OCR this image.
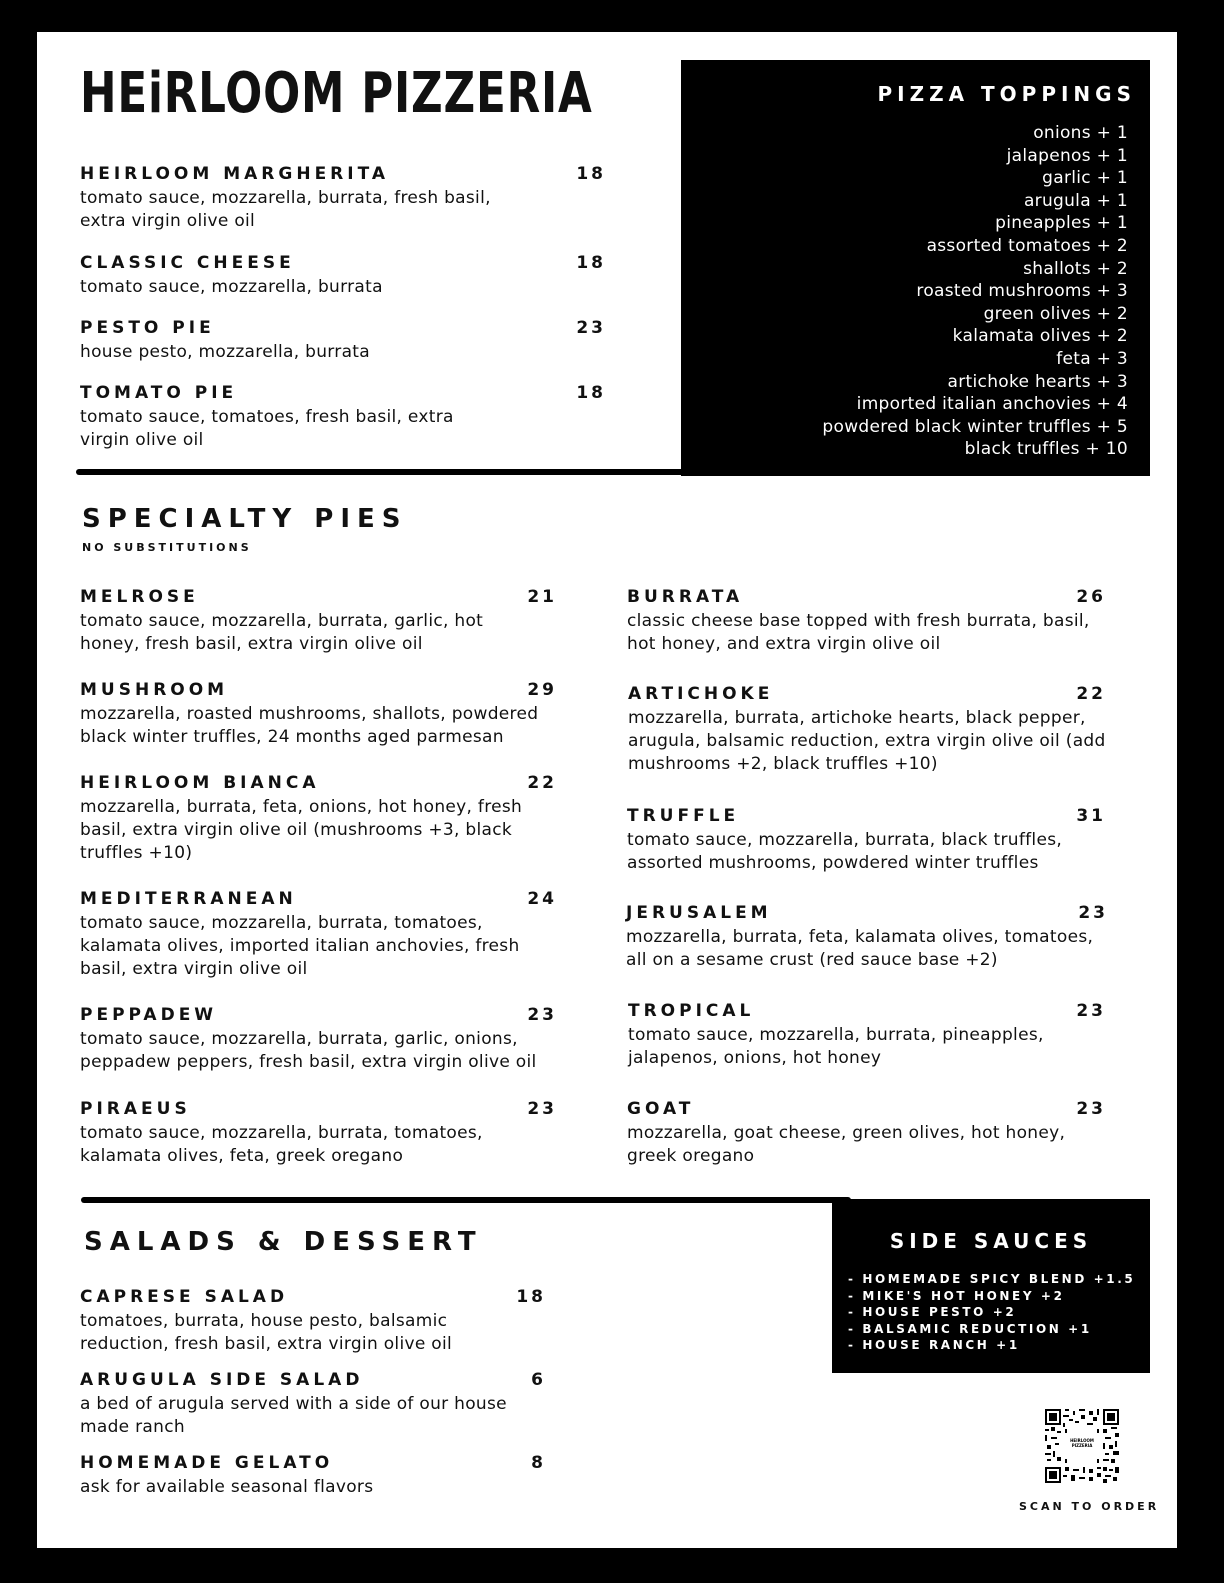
HEiRLOOM PIZZERIA
HEIRLOOM MARGHERITA	18
tomato sauce, mozzarella, burrata, fresh basil, extra virgin olive oil
CLASSIC CHEESE	18
tomato sauce, mozzarella, burrata
PESTO PIE	23
house pesto, mozzarella, burrata
TOMATO PIE	18
tomato sauce, tomatoes, fresh basil, extra virgin olive oil
PIZZA TOPPINGS
onions + 1
jalapenos + 1
garlic + 1
arugula + 1
pineapples + 1
assorted tomatoes + 2
shallots + 2
roasted mushrooms + 3
green olives + 2
kalamata olives + 2
feta + 3
artichoke hearts + 3
imported italian anchovies + 4
powdered black winter truffles + 5
black truffles + 10
SPECIALTY PIES
NO SUBSTITUTIONS
MELROSE	21
tomato sauce, mozzarella, burrata, garlic, hot honey, fresh basil, extra virgin olive oil
MUSHROOM	29
mozzarella, roasted mushrooms, shallots, powdered black winter truffles, 24 months aged parmesan
HEIRLOOM BIANCA	22
mozzarella, burrata, feta, onions, hot honey, fresh basil, extra virgin olive oil (mushrooms +3, black truffles +10)
MEDITERRANEAN	24
tomato sauce, mozzarella, burrata, tomatoes, kalamata olives, imported italian anchovies, fresh basil, extra virgin olive oil
PEPPADEW	23
tomato sauce, mozzarella, burrata, garlic, onions, peppadew peppers, fresh basil, extra virgin olive oil
PIRAEUS	23
tomato sauce, mozzarella, burrata, tomatoes, kalamata olives, feta, greek oregano
BURRATA	26
classic cheese base topped with fresh burrata, basil, hot honey, and extra virgin olive oil
ARTICHOKE	22
mozzarella, burrata, artichoke hearts, black pepper, arugula, balsamic reduction, extra virgin olive oil (add mushrooms +2, black truffles +10)
TRUFFLE	31
tomato sauce, mozzarella, burrata, black truffles, assorted mushrooms, powdered winter truffles
JERUSALEM	23
mozzarella, burrata, feta, kalamata olives, tomatoes, all on a sesame crust (red sauce base +2)
TROPICAL	23
tomato sauce, mozzarella, burrata, pineapples, jalapenos, onions, hot honey
GOAT	23
mozzarella, goat cheese, green olives, hot honey, greek oregano
SALADS & DESSERT
CAPRESE SALAD	18
tomatoes, burrata, house pesto, balsamic reduction, fresh basil, extra virgin olive oil
ARUGULA SIDE SALAD	6
a bed of arugula served with a side of our house made ranch
HOMEMADE GELATO	8
ask for available seasonal flavors
SIDE SAUCES
- HOMEMADE SPICY BLEND +1.5
- MIKE'S HOT HONEY +2
- HOUSE PESTO +2
- BALSAMIC REDUCTION +1
- HOUSE RANCH +1
HEIRLOOM PIZZERIA
SCAN TO ORDER
